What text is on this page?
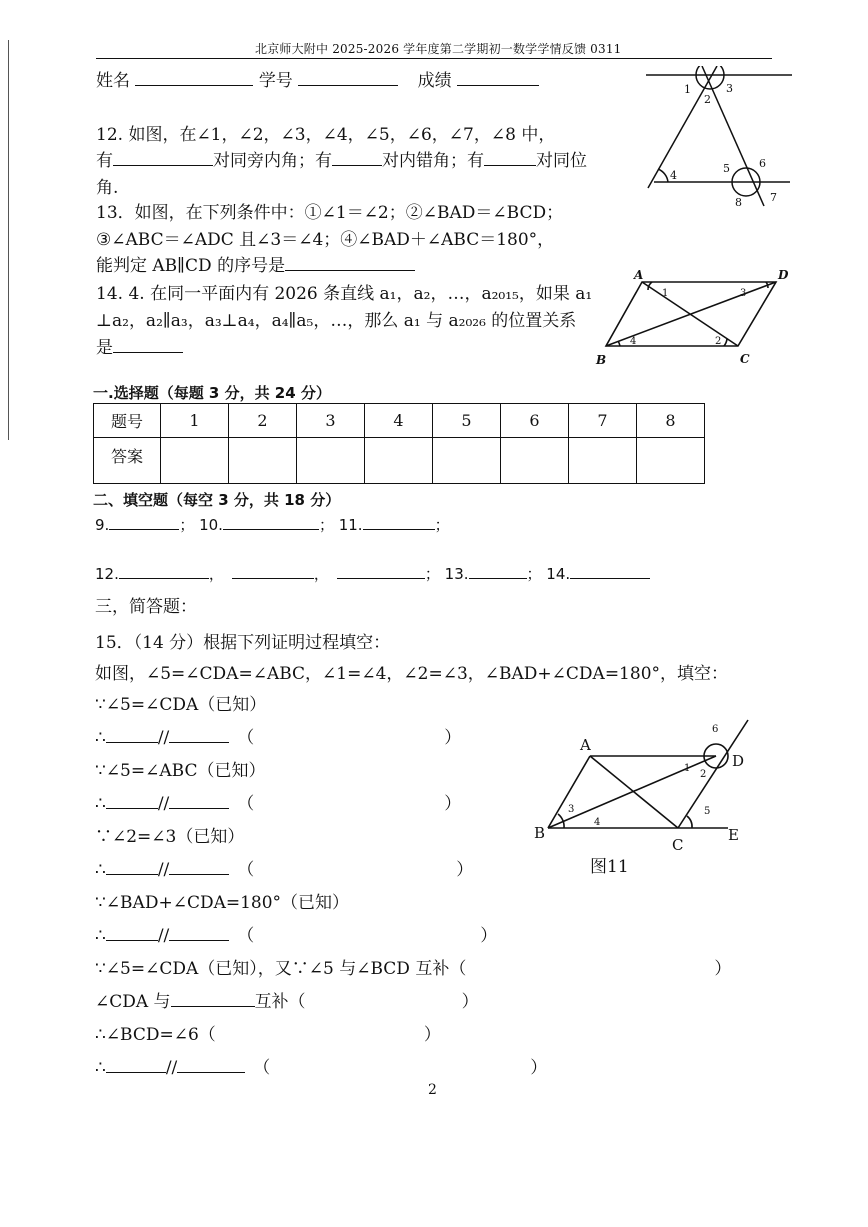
北京师大附中 2025-2026 学年度第二学期初一数学学情反馈 0311
姓名	学号	成绩
12. 如图，在∠1，∠2，∠3，∠4，∠5，∠6，∠7，∠8 中，
有	对同旁内角；有	对内错角；有	对同位
角.
13．如图，在下列条件中：①∠1＝∠2；②∠BAD＝∠BCD；
③∠ABC＝∠ADC 且∠3＝∠4；④∠BAD＋∠ABC＝180°，
能判定 AB∥CD 的序号是
14. 4. 在同一平面内有 2026 条直线 a₁，a₂，…，a₂₀₁₅，如果 a₁
⊥a₂，a₂∥a₃，a₃⊥a₄，a₄∥a₅，…，那么 a₁ 与 a₂₀₂₆ 的位置关系
是
1
2
3
4
5	6
7
8
A	D
B	C
1	3
4	2
一.选择题（每题 3 分，共 24 分）
题号	1	2	3	4	5	6	7	8
答案								
二、填空题（每空 3 分，共 18 分）
9.	； 10.	； 11.	；
12.	，	，	； 13.	； 14.
三，简答题：
15．（14 分）根据下列证明过程填空：
如图，∠5=∠CDA=∠ABC，∠1=∠4，∠2=∠3，∠BAD+∠CDA=180°，填空：
∵∠5=∠CDA（已知）
∴	//	（	）
∵∠5=∠ABC（已知）
∴	//	（	）
∵∠2=∠3（已知）
∴	//	（	）
∵∠BAD+∠CDA=180°（已知）
∴	//	（	）
∵∠5=∠CDA（已知），又∵∠5 与∠BCD 互补（	）
∠CDA 与	互补（	）
∴∠BCD=∠6（	）
∴	//	（	）
A
D
B
C
E
1
2
3
4
5
6
图11
2
